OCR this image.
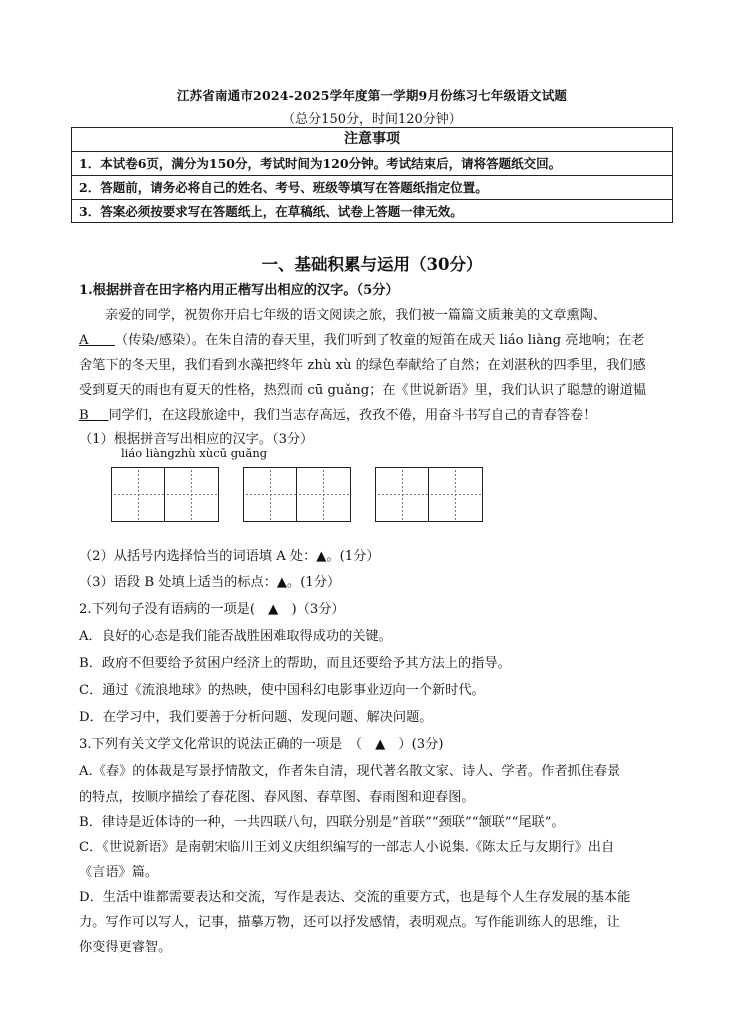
江苏省南通市2024-2025学年度第一学期9月份练习七年级语文试题
（总分150分，时间120分钟）
注意事项
1．本试卷6页，满分为150分，考试时间为120分钟。考试结束后，请将答题纸交回。
2．答题前，请务必将自己的姓名、考号、班级等填写在答题纸指定位置。
3．答案必须按要求写在答题纸上，在草稿纸、试卷上答题一律无效。
一、基础积累与运用（30分）
1.根据拼音在田字格内用正楷写出相应的汉字。（5分）
亲爱的同学，祝贺你开启七年级的语文阅读之旅，我们被一篇篇文质兼美的文章熏陶、
A   （传染/感染）。在朱自清的春天里，我们听到了牧童的短笛在成天 liáo liàng 亮地响；在老
舍笔下的冬天里，我们看到水藻把终年 zhù xù 的绿色奉献给了自然；在刘湛秋的四季里，我们感
受到夏天的雨也有夏天的性格，热烈而 cū guǎng；在《世说新语》里，我们认识了聪慧的谢道韫
B   同学们，在这段旅途中，我们当志存高远，孜孜不倦，用奋斗书写自己的青春答卷！
（1）根据拼音写出相应的汉字。（3分）
liáo liàngzhù xùcū guǎng
（2）从括号内选择恰当的词语填 A 处：▲。(1分）
（3）语段 B 处填上适当的标点：▲。(1分）
2.下列句子没有语病的一项是(　▲　)（3分）
A．良好的心态是我们能否战胜困难取得成功的关键。
B．政府不但要给予贫困户经济上的帮助，而且还要给予其方法上的指导。
C．通过《流浪地球》的热映，使中国科幻电影事业迈向一个新时代。
D．在学习中，我们要善于分析问题、发现问题、解决问题。
3.下列有关文学文化常识的说法正确的一项是　（　▲　）(3分)
A.《春》的体裁是写景抒情散文，作者朱自清，现代著名散文家、诗人、学者。作者抓住春景
的特点，按顺序描绘了春花图、春风图、春草图、春雨图和迎春图。
B．律诗是近体诗的一种，一共四联八句，四联分别是“首联”“颈联”“颔联”“尾联”。
C．《世说新语》是南朝宋临川王刘义庆组织编写的一部志人小说集.《陈太丘与友期行》出自
《言语》篇。
D．生活中谁都需要表达和交流，写作是表达、交流的重要方式，也是每个人生存发展的基本能
力。写作可以写人，记事，描摹万物，还可以抒发感情，表明观点。写作能训练人的思维，让
你变得更睿智。
